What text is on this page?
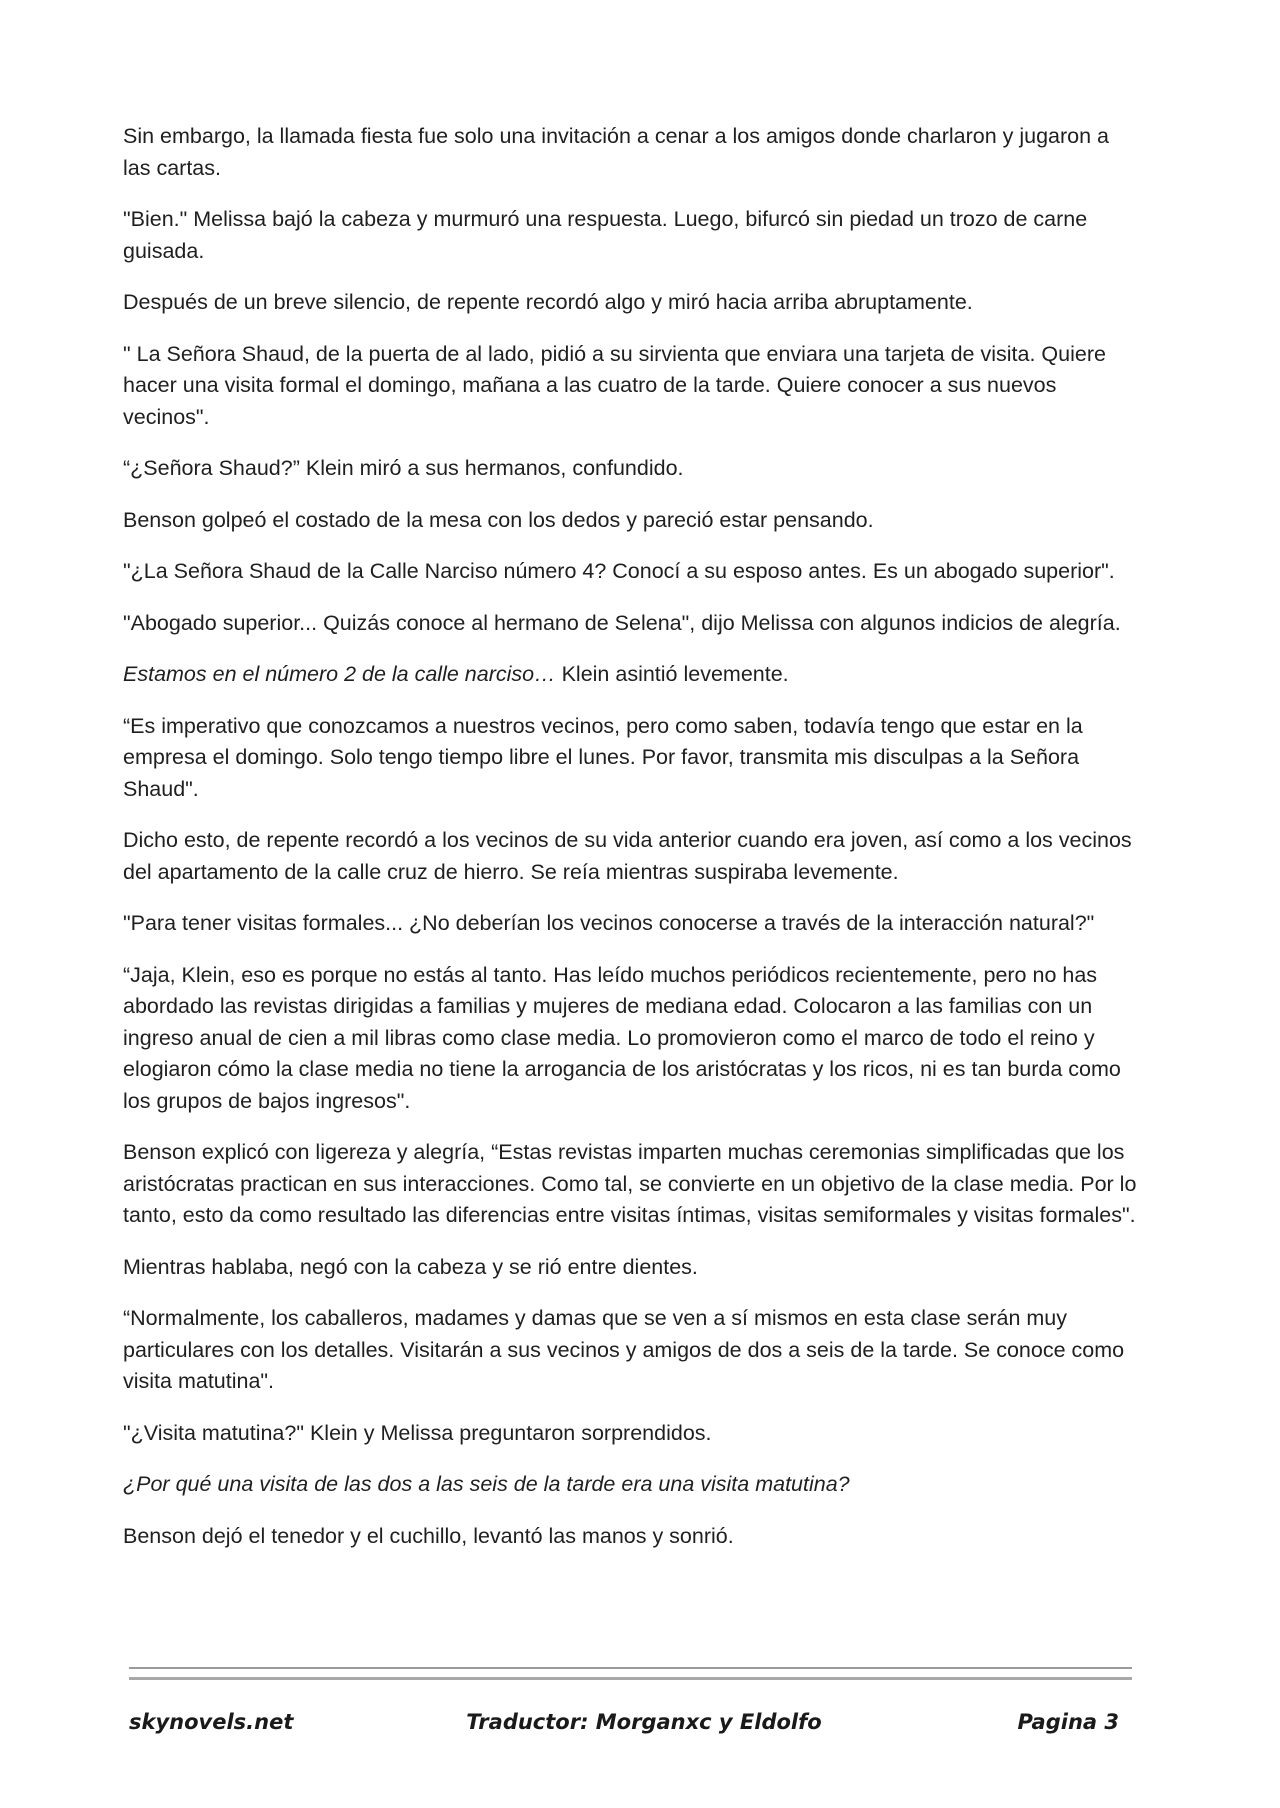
Sin embargo, la llamada fiesta fue solo una invitación a cenar a los amigos donde charlaron y jugaron a las cartas.

"Bien." Melissa bajó la cabeza y murmuró una respuesta. Luego, bifurcó sin piedad un trozo de carne guisada.

Después de un breve silencio, de repente recordó algo y miró hacia arriba abruptamente.

" La Señora Shaud, de la puerta de al lado, pidió a su sirvienta que enviara una tarjeta de visita. Quiere hacer una visita formal el domingo, mañana a las cuatro de la tarde. Quiere conocer a sus nuevos vecinos".

“¿Señora Shaud?” Klein miró a sus hermanos, confundido.

Benson golpeó el costado de la mesa con los dedos y pareció estar pensando.

"¿La Señora Shaud de la Calle Narciso número 4? Conocí a su esposo antes. Es un abogado superior".

"Abogado superior... Quizás conoce al hermano de Selena", dijo Melissa con algunos indicios de alegría.

Estamos en el número 2 de la calle narciso… Klein asintió levemente.

“Es imperativo que conozcamos a nuestros vecinos, pero como saben, todavía tengo que estar en la empresa el domingo. Solo tengo tiempo libre el lunes. Por favor, transmita mis disculpas a la Señora Shaud".

Dicho esto, de repente recordó a los vecinos de su vida anterior cuando era joven, así como a los vecinos del apartamento de la calle cruz de hierro. Se reía mientras suspiraba levemente.

"Para tener visitas formales... ¿No deberían los vecinos conocerse a través de la interacción natural?"

“Jaja, Klein, eso es porque no estás al tanto. Has leído muchos periódicos recientemente, pero no has abordado las revistas dirigidas a familias y mujeres de mediana edad. Colocaron a las familias con un ingreso anual de cien a mil libras como clase media. Lo promovieron como el marco de todo el reino y elogiaron cómo la clase media no tiene la arrogancia de los aristócratas y los ricos, ni es tan burda como los grupos de bajos ingresos".

Benson explicó con ligereza y alegría, “Estas revistas imparten muchas ceremonias simplificadas que los aristócratas practican en sus interacciones. Como tal, se convierte en un objetivo de la clase media. Por lo tanto, esto da como resultado las diferencias entre visitas íntimas, visitas semiformales y visitas formales".

Mientras hablaba, negó con la cabeza y se rió entre dientes.

“Normalmente, los caballeros, madames y damas que se ven a sí mismos en esta clase serán muy particulares con los detalles. Visitarán a sus vecinos y amigos de dos a seis de la tarde. Se conoce como visita matutina".

"¿Visita matutina?" Klein y Melissa preguntaron sorprendidos.

¿Por qué una visita de las dos a las seis de la tarde era una visita matutina?

Benson dejó el tenedor y el cuchillo, levantó las manos y sonrió.

skynovels.net	Traductor: Morganxc y Eldolfo	Pagina 3
